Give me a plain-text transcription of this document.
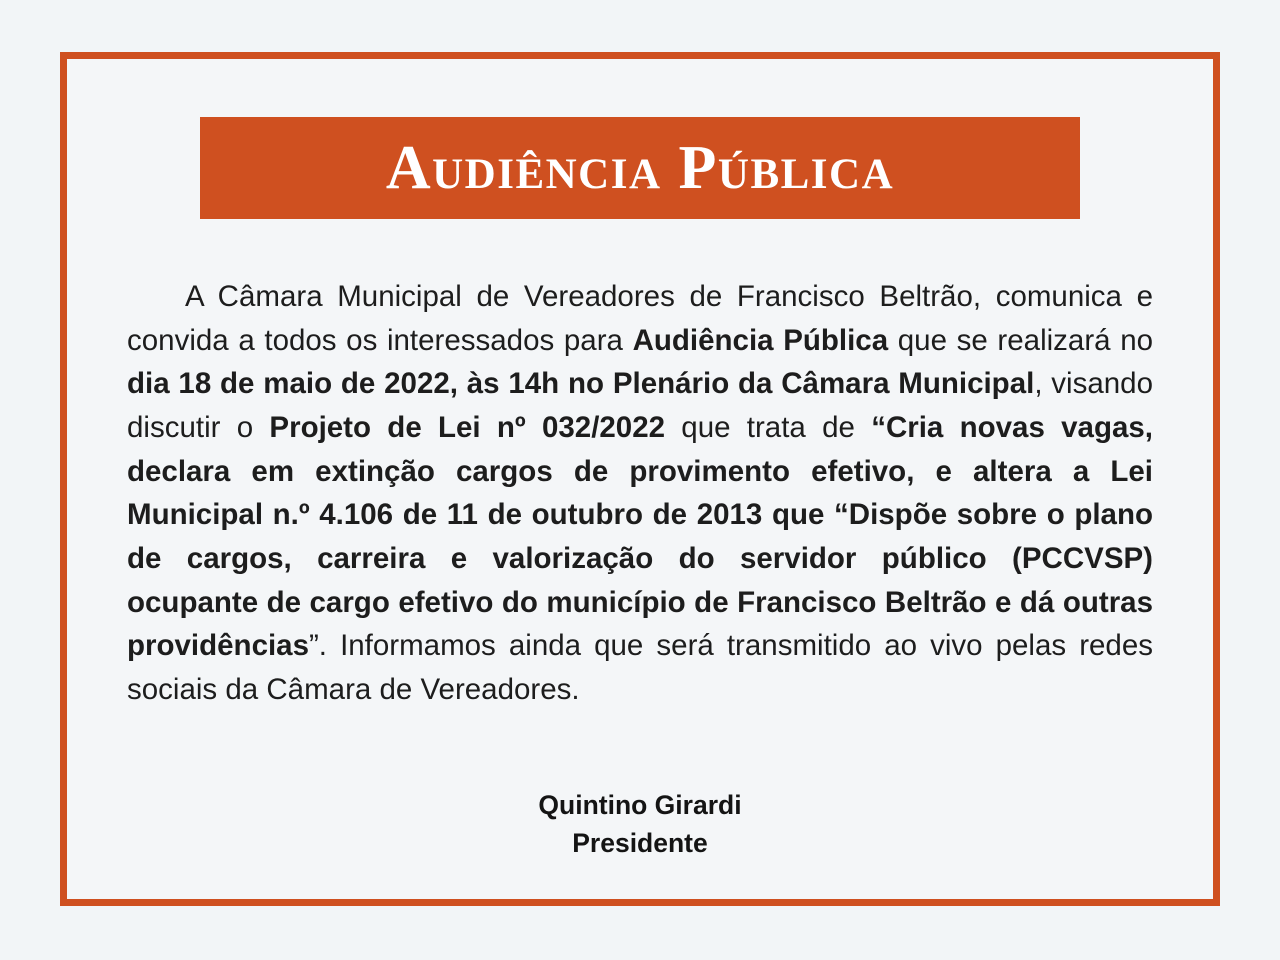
Audiência Pública

A Câmara Municipal de Vereadores de Francisco Beltrão, comunica e convida a todos os interessados para Audiência Pública que se realizará no dia 18 de maio de 2022, às 14h no Plenário da Câmara Municipal, visando discutir o Projeto de Lei nº 032/2022 que trata de “Cria novas vagas, declara em extinção cargos de provimento efetivo, e altera a Lei Municipal n.º 4.106 de 11 de outubro de 2013 que “Dispõe sobre o plano de cargos, carreira e valorização do servidor público (PCCVSP) ocupante de cargo efetivo do município de Francisco Beltrão e dá outras providências”. Informamos ainda que será transmitido ao vivo pelas redes sociais da Câmara de Vereadores.

Quintino Girardi
Presidente
